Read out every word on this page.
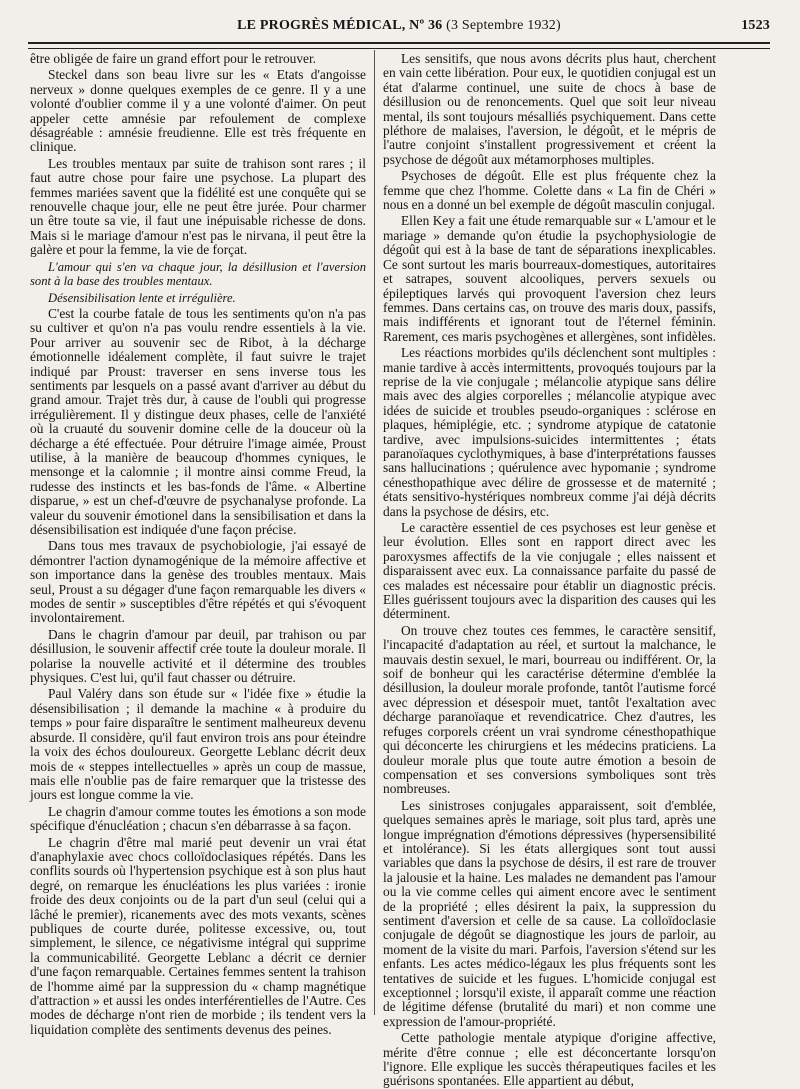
LE PROGRÈS MÉDICAL, Nº 36 (3 Septembre 1932)	1523

être obligée de faire un grand effort pour le retrouver.

Steckel dans son beau livre sur les « Etats d'angoisse nerveux » donne quelques exemples de ce genre. Il y a une volonté d'oublier comme il y a une volonté d'aimer. On peut appeler cette amnésie par refoulement de complexe désagréable : amnésie freudienne. Elle est très fréquente en clinique.

Les troubles mentaux par suite de trahison sont rares ; il faut autre chose pour faire une psychose. La plupart des femmes mariées savent que la fidélité est une conquête qui se renouvelle chaque jour, elle ne peut être jurée. Pour charmer un être toute sa vie, il faut une inépuisable richesse de dons. Mais si le mariage d'amour n'est pas le nirvana, il peut être la galère et pour la femme, la vie de forçat.

L'amour qui s'en va chaque jour, la désillusion et l'aversion sont à la base des troubles mentaux.

Désensibilisation lente et irrégulière.

C'est la courbe fatale de tous les sentiments qu'on n'a pas su cultiver et qu'on n'a pas voulu rendre essentiels à la vie. Pour arriver au souvenir sec de Ribot, à la décharge émotionnelle idéalement complète, il faut suivre le trajet indiqué par Proust: traverser en sens inverse tous les sentiments par lesquels on a passé avant d'arriver au début du grand amour. Trajet très dur, à cause de l'oubli qui progresse irrégulièrement. Il y distingue deux phases, celle de l'anxiété où la cruauté du souvenir domine celle de la douceur où la décharge a été effectuée. Pour détruire l'image aimée, Proust utilise, à la manière de beaucoup d'hommes cyniques, le mensonge et la calomnie ; il montre ainsi comme Freud, la rudesse des instincts et les bas-fonds de l'âme. « Albertine disparue, » est un chef-d'œuvre de psychanalyse profonde. La valeur du souvenir émotionel dans la sensibilisation et dans la désensibilisation est indiquée d'une façon précise.

Dans tous mes travaux de psychobiologie, j'ai essayé de démontrer l'action dynamogénique de la mémoire affective et son importance dans la genèse des troubles mentaux. Mais seul, Proust a su dégager d'une façon remarquable les divers « modes de sentir » susceptibles d'être répétés et qui s'évoquent involontairement.

Dans le chagrin d'amour par deuil, par trahison ou par désillusion, le souvenir affectif crée toute la douleur morale. Il polarise la nouvelle activité et il détermine des troubles physiques. C'est lui, qu'il faut chasser ou détruire.

Paul Valéry dans son étude sur « l'idée fixe » étudie la désensibilisation ; il demande la machine « à produire du temps » pour faire disparaître le sentiment malheureux devenu absurde. Il considère, qu'il faut environ trois ans pour éteindre la voix des échos douloureux. Georgette Leblanc décrit deux mois de « steppes intellectuelles » après un coup de massue, mais elle n'oublie pas de faire remarquer que la tristesse des jours est longue comme la vie.

Le chagrin d'amour comme toutes les émotions a son mode spécifique d'énucléation ; chacun s'en débarrasse à sa façon.

Le chagrin d'être mal marié peut devenir un vrai état d'anaphylaxie avec chocs colloïdoclasiques répétés. Dans les conflits sourds où l'hypertension psychique est à son plus haut degré, on remarque les énucléations les plus variées : ironie froide des deux conjoints ou de la part d'un seul (celui qui a lâché le premier), ricanements avec des mots vexants, scènes publiques de courte durée, politesse excessive, ou, tout simplement, le silence, ce négativisme intégral qui supprime la communicabilité. Georgette Leblanc a décrit ce dernier d'une façon remarquable. Certaines femmes sentent la trahison de l'homme aimé par la suppression du « champ magnétique d'attraction » et aussi les ondes interférentielles de l'Autre. Ces modes de décharge n'ont rien de morbide ; ils tendent vers la liquidation complète des sentiments devenus des peines.

Les sensitifs, que nous avons décrits plus haut, cherchent en vain cette libération. Pour eux, le quotidien conjugal est un état d'alarme continuel, une suite de chocs à base de désillusion ou de renoncements. Quel que soit leur niveau mental, ils sont toujours mésalliés psychiquement. Dans cette pléthore de malaises, l'aversion, le dégoût, et le mépris de l'autre conjoint s'installent progressivement et créent la psychose de dégoût aux métamorphoses multiples.

Psychoses de dégoût. Elle est plus fréquente chez la femme que chez l'homme. Colette dans « La fin de Chéri » nous en a donné un bel exemple de dégoût masculin conjugal.

Ellen Key a fait une étude remarquable sur « L'amour et le mariage » demande qu'on étudie la psychophysiologie de dégoût qui est à la base de tant de séparations inexplicables. Ce sont surtout les maris bourreaux-domestiques, autoritaires et satrapes, souvent alcooliques, pervers sexuels ou épileptiques larvés qui provoquent l'aversion chez leurs femmes. Dans certains cas, on trouve des maris doux, passifs, mais indifférents et ignorant tout de l'éternel féminin. Rarement, ces maris psychogènes et allergènes, sont infidèles.

Les réactions morbides qu'ils déclenchent sont multiples : manie tardive à accès intermittents, provoqués toujours par la reprise de la vie conjugale ; mélancolie atypique sans délire mais avec des algies corporelles ; mélancolie atypique avec idées de suicide et troubles pseudo-organiques : sclérose en plaques, hémiplégie, etc. ; syndrome atypique de catatonie tardive, avec impulsions-suicides intermittentes ; états paranoïaques cyclothymiques, à base d'interprétations fausses sans hallucinations ; quérulence avec hypomanie ; syndrome cénesthopathique avec délire de grossesse et de maternité ; états sensitivo-hystériques nombreux comme j'ai déjà décrits dans la psychose de désirs, etc.

Le caractère essentiel de ces psychoses est leur genèse et leur évolution. Elles sont en rapport direct avec les paroxysmes affectifs de la vie conjugale ; elles naissent et disparaissent avec eux. La connaissance parfaite du passé de ces malades est nécessaire pour établir un diagnostic précis. Elles guérissent toujours avec la disparition des causes qui les déterminent.

On trouve chez toutes ces femmes, le caractère sensitif, l'incapacité d'adaptation au réel, et surtout la malchance, le mauvais destin sexuel, le mari, bourreau ou indifférent. Or, la soif de bonheur qui les caractérise détermine d'emblée la désillusion, la douleur morale profonde, tantôt l'autisme forcé avec dépression et désespoir muet, tantôt l'exaltation avec décharge paranoïaque et revendicatrice. Chez d'autres, les refuges corporels créent un vrai syndrome cénesthopathique qui déconcerte les chirurgiens et les médecins praticiens. La douleur morale plus que toute autre émotion a besoin de compensation et ses conversions symboliques sont très nombreuses.

Les sinistroses conjugales apparaissent, soit d'emblée, quelques semaines après le mariage, soit plus tard, après une longue imprégnation d'émotions dépressives (hypersensibilité et intolérance). Si les états allergiques sont tout aussi variables que dans la psychose de désirs, il est rare de trouver la jalousie et la haine. Les malades ne demandent pas l'amour ou la vie comme celles qui aiment encore avec le sentiment de la propriété ; elles désirent la paix, la suppression du sentiment d'aversion et celle de sa cause. La colloïdoclasie conjugale de dégoût se diagnostique les jours de parloir, au moment de la visite du mari. Parfois, l'aversion s'étend sur les enfants. Les actes médico-légaux les plus fréquents sont les tentatives de suicide et les fugues. L'homicide conjugal est exceptionnel ; lorsqu'il existe, il apparaît comme une réaction de légitime défense (brutalité du mari) et non comme une expression de l'amour-propriété.

Cette pathologie mentale atypique d'origine affective, mérite d'être connue ; elle est déconcertante lorsqu'on l'ignore. Elle explique les succès thérapeutiques faciles et les guérisons spontanées. Elle appartient au début,
